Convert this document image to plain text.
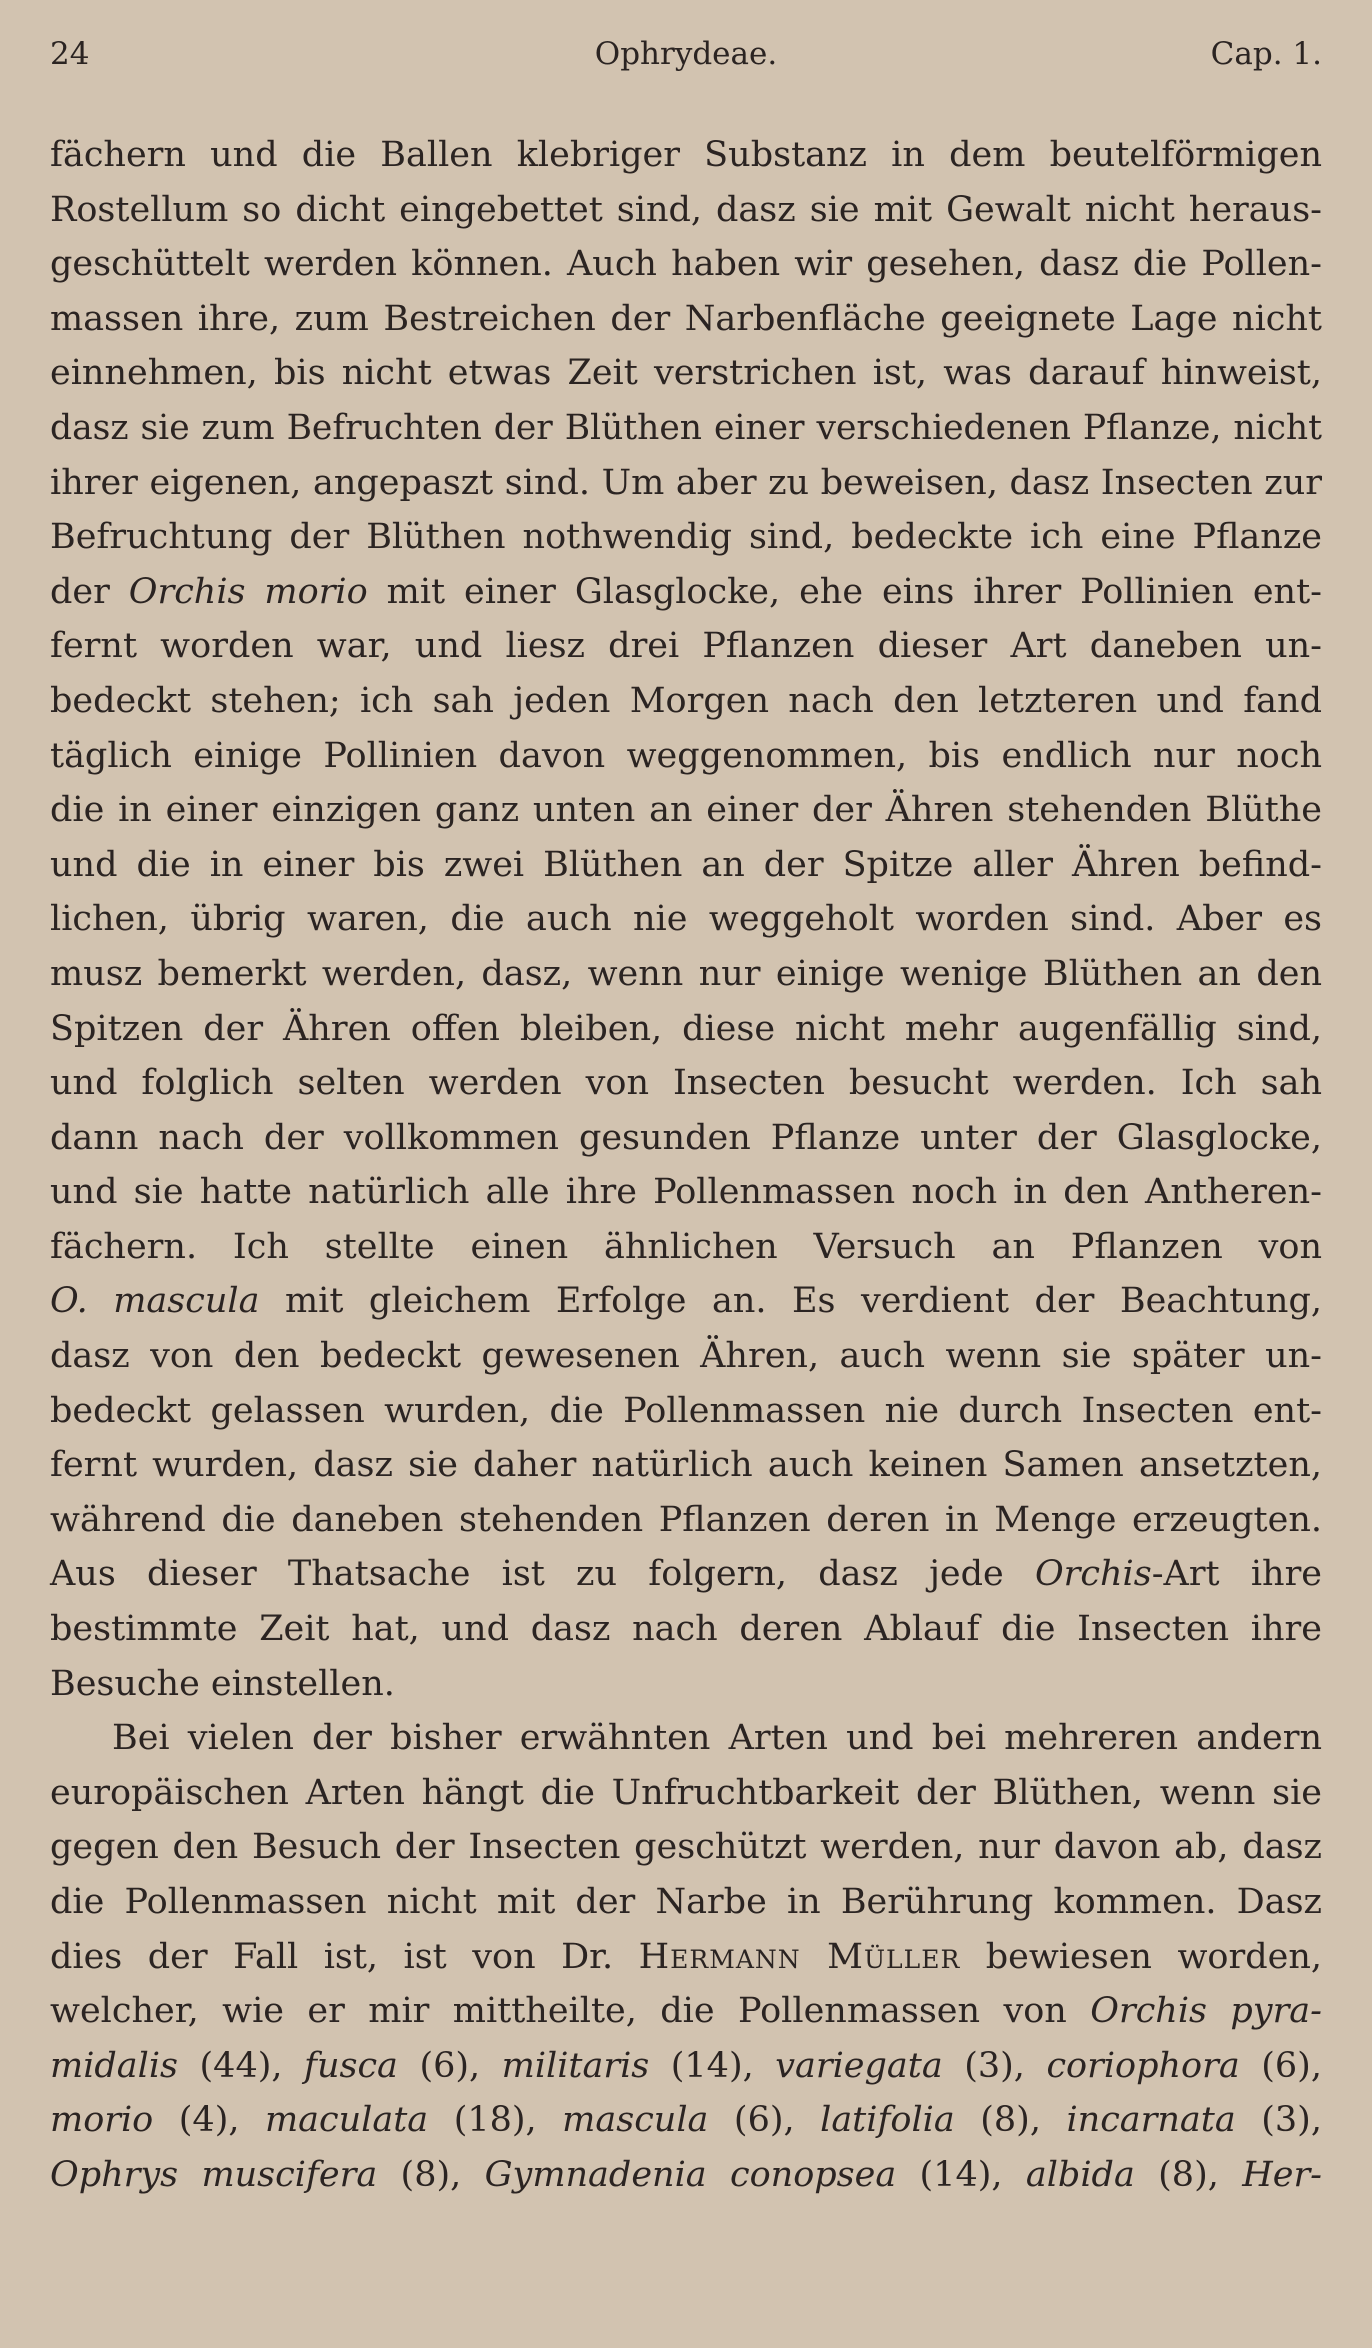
24	Ophrydeae.	Cap. 1.
fächern und die Ballen klebriger Substanz in dem beutelförmigen
Rostellum so dicht eingebettet sind, dasz sie mit Gewalt nicht heraus-
geschüttelt werden können. Auch haben wir gesehen, dasz die Pollen-
massen ihre, zum Bestreichen der Narbenfläche geeignete Lage nicht
einnehmen, bis nicht etwas Zeit verstrichen ist, was darauf hinweist,
dasz sie zum Befruchten der Blüthen einer verschiedenen Pflanze, nicht
ihrer eigenen, angepaszt sind. Um aber zu beweisen, dasz Insecten zur
Befruchtung der Blüthen nothwendig sind, bedeckte ich eine Pflanze
der Orchis morio mit einer Glasglocke, ehe eins ihrer Pollinien ent-
fernt worden war, und liesz drei Pflanzen dieser Art daneben un-
bedeckt stehen; ich sah jeden Morgen nach den letzteren und fand
täglich einige Pollinien davon weggenommen, bis endlich nur noch
die in einer einzigen ganz unten an einer der Ähren stehenden Blüthe
und die in einer bis zwei Blüthen an der Spitze aller Ähren befind-
lichen, übrig waren, die auch nie weggeholt worden sind. Aber es
musz bemerkt werden, dasz, wenn nur einige wenige Blüthen an den
Spitzen der Ähren offen bleiben, diese nicht mehr augenfällig sind,
und folglich selten werden von Insecten besucht werden. Ich sah
dann nach der vollkommen gesunden Pflanze unter der Glasglocke,
und sie hatte natürlich alle ihre Pollenmassen noch in den Antheren-
fächern. Ich stellte einen ähnlichen Versuch an Pflanzen von
O. mascula mit gleichem Erfolge an. Es verdient der Beachtung,
dasz von den bedeckt gewesenen Ähren, auch wenn sie später un-
bedeckt gelassen wurden, die Pollenmassen nie durch Insecten ent-
fernt wurden, dasz sie daher natürlich auch keinen Samen ansetzten,
während die daneben stehenden Pflanzen deren in Menge erzeugten.
Aus dieser Thatsache ist zu folgern, dasz jede Orchis-Art ihre
bestimmte Zeit hat, und dasz nach deren Ablauf die Insecten ihre
Besuche einstellen.
Bei vielen der bisher erwähnten Arten und bei mehreren andern
europäischen Arten hängt die Unfruchtbarkeit der Blüthen, wenn sie
gegen den Besuch der Insecten geschützt werden, nur davon ab, dasz
die Pollenmassen nicht mit der Narbe in Berührung kommen. Dasz
dies der Fall ist, ist von Dr. Hermann Müller bewiesen worden,
welcher, wie er mir mittheilte, die Pollenmassen von Orchis pyra-
midalis (44), fusca (6), militaris (14), variegata (3), coriophora (6),
morio (4), maculata (18), mascula (6), latifolia (8), incarnata (3),
Ophrys muscifera (8), Gymnadenia conopsea (14), albida (8), Her-
